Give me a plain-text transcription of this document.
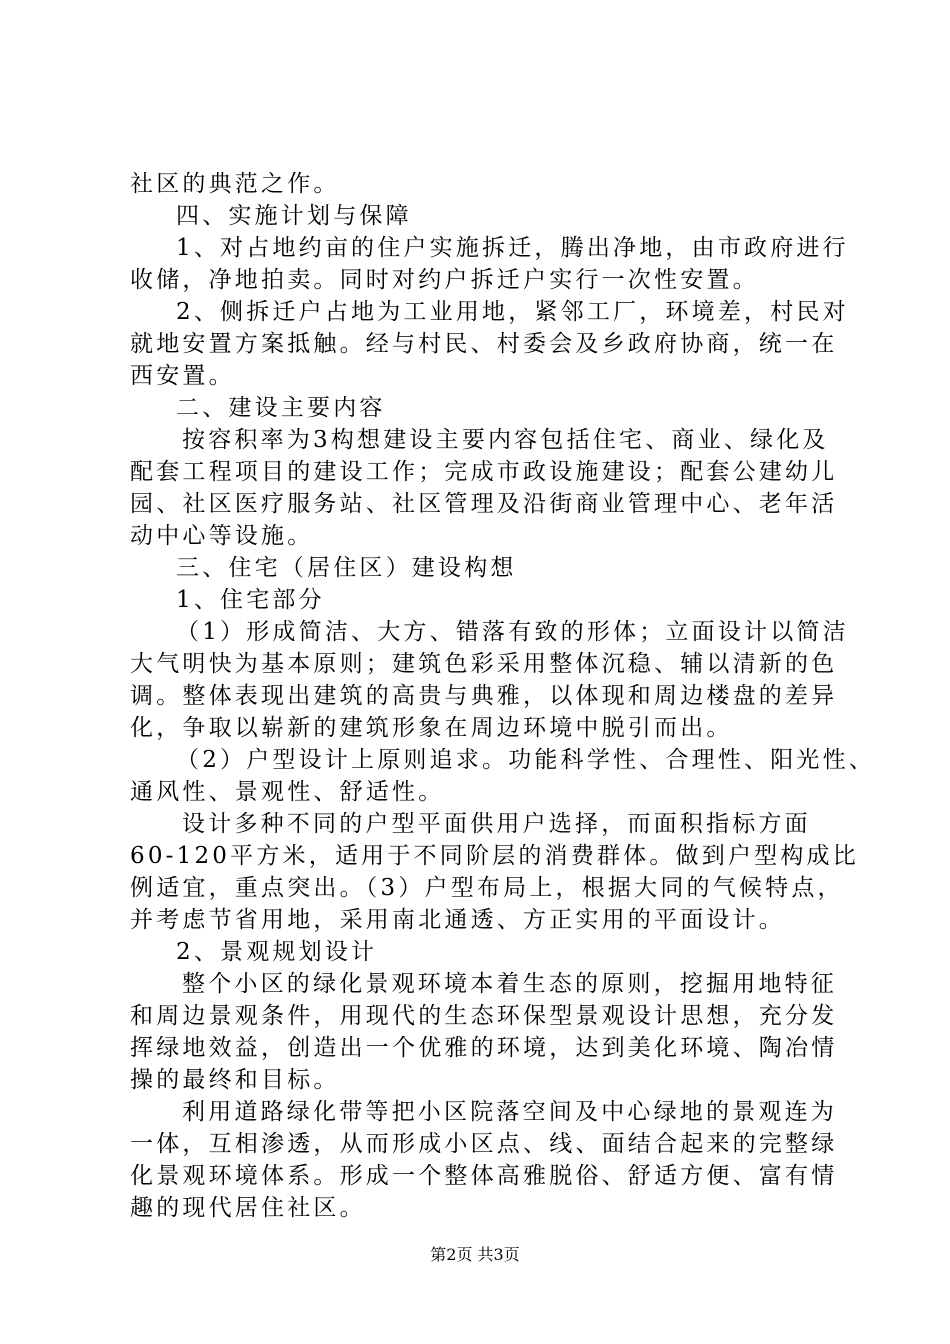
社区的典范之作。
四、实施计划与保障
1、对占地约亩的住户实施拆迁，腾出净地，由市政府进行
收储，净地拍卖。同时对约户拆迁户实行一次性安置。
2、侧拆迁户占地为工业用地，紧邻工厂，环境差，村民对
就地安置方案抵触。经与村民、村委会及乡政府协商，统一在
西安置。
二、建设主要内容
按容积率为3构想建设主要内容包括住宅、商业、绿化及
配套工程项目的建设工作；完成市政设施建设；配套公建幼儿
园、社区医疗服务站、社区管理及沿街商业管理中心、老年活
动中心等设施。
三、住宅（居住区）建设构想
1、住宅部分
（1）形成简洁、大方、错落有致的形体；立面设计以简洁
大气明快为基本原则；建筑色彩采用整体沉稳、辅以清新的色
调。整体表现出建筑的高贵与典雅，以体现和周边楼盘的差异
化，争取以崭新的建筑形象在周边环境中脱引而出。
（2）户型设计上原则追求。功能科学性、合理性、阳光性、
通风性、景观性、舒适性。
设计多种不同的户型平面供用户选择，而面积指标方面
60-120平方米，适用于不同阶层的消费群体。做到户型构成比
例适宜，重点突出。（3）户型布局上，根据大同的气候特点，
并考虑节省用地，采用南北通透、方正实用的平面设计。
2、景观规划设计
整个小区的绿化景观环境本着生态的原则，挖掘用地特征
和周边景观条件，用现代的生态环保型景观设计思想，充分发
挥绿地效益，创造出一个优雅的环境，达到美化环境、陶冶情
操的最终和目标。
利用道路绿化带等把小区院落空间及中心绿地的景观连为
一体，互相渗透，从而形成小区点、线、面结合起来的完整绿
化景观环境体系。形成一个整体高雅脱俗、舒适方便、富有情
趣的现代居住社区。
第2页 共3页
